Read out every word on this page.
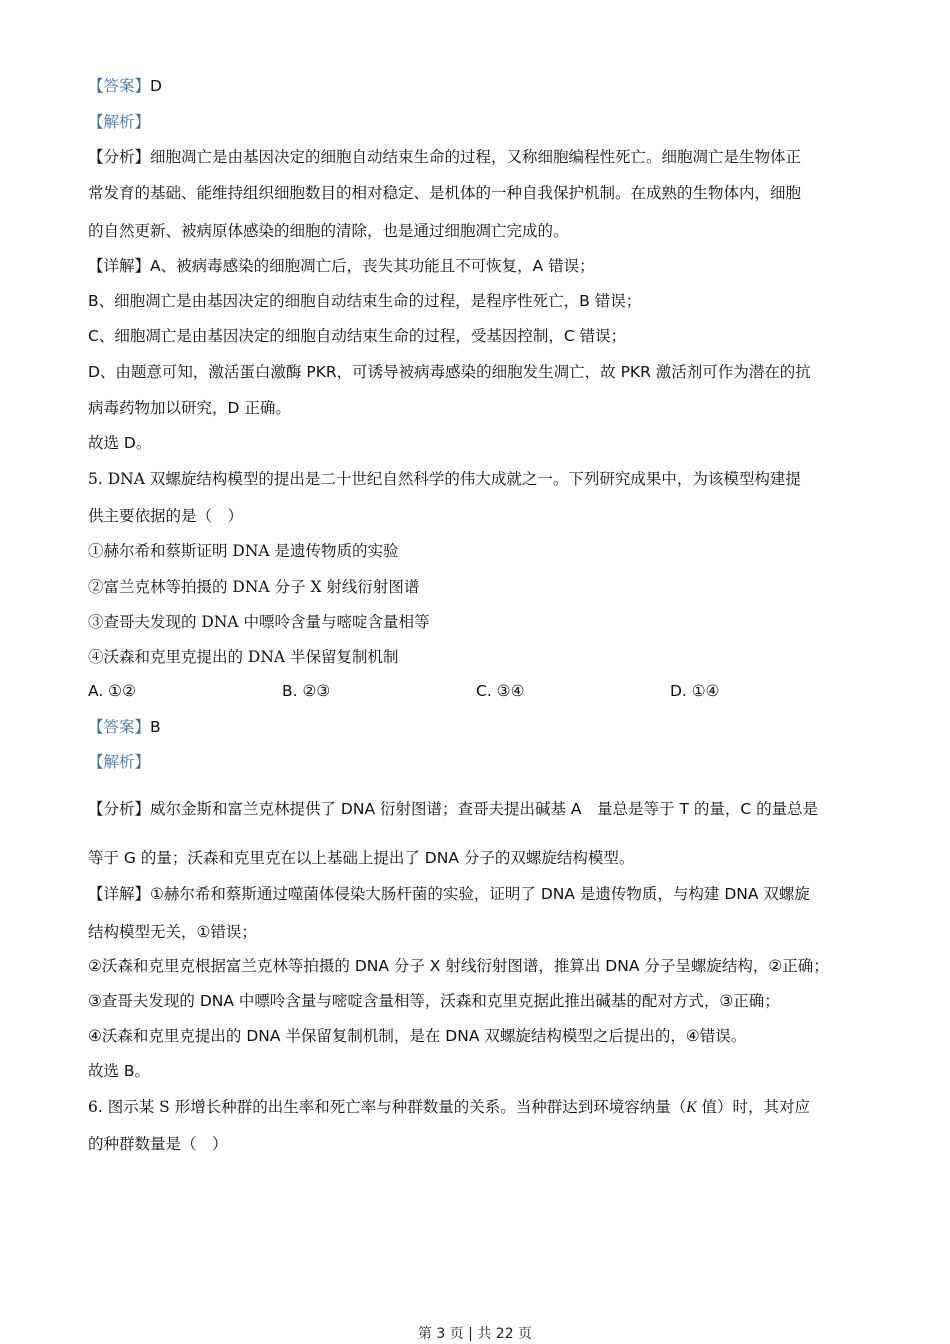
【答案】D
【解析】
【分析】细胞凋亡是由基因决定的细胞自动结束生命的过程，又称细胞编程性死亡。细胞凋亡是生物体正
常发育的基础、能维持组织细胞数目的相对稳定、是机体的一种自我保护机制。在成熟的生物体内，细胞
的自然更新、被病原体感染的细胞的清除，也是通过细胞凋亡完成的。
【详解】A、被病毒感染的细胞凋亡后，丧失其功能且不可恢复，A 错误；
B、细胞凋亡是由基因决定的细胞自动结束生命的过程，是程序性死亡，B 错误；
C、细胞凋亡是由基因决定的细胞自动结束生命的过程，受基因控制，C 错误；
D、由题意可知，激活蛋白激酶 PKR，可诱导被病毒感染的细胞发生凋亡，故 PKR 激活剂可作为潜在的抗
病毒药物加以研究，D 正确。
故选 D。
5. DNA 双螺旋结构模型的提出是二十世纪自然科学的伟大成就之一。下列研究成果中，为该模型构建提
供主要依据的是（　）
①赫尔希和蔡斯证明 DNA 是遗传物质的实验
②富兰克林等拍摄的 DNA 分子 X 射线衍射图谱
③查哥夫发现的 DNA 中嘌呤含量与嘧啶含量相等
④沃森和克里克提出的 DNA 半保留复制机制
A. ①②	B. ②③	C. ③④	D. ①④
【答案】B
【解析】
【分析】威尔金斯和富兰克林提供了 DNA 衍射图谱；查哥夫提出碱基 A　量总是等于 T 的量，C 的量总是
等于 G 的量；沃森和克里克在以上基础上提出了 DNA 分子的双螺旋结构模型。
【详解】①赫尔希和蔡斯通过噬菌体侵染大肠杆菌的实验，证明了 DNA 是遗传物质，与构建 DNA 双螺旋
结构模型无关，①错误；
②沃森和克里克根据富兰克林等拍摄的 DNA 分子 X 射线衍射图谱，推算出 DNA 分子呈螺旋结构，②正确；
③查哥夫发现的 DNA 中嘌呤含量与嘧啶含量相等，沃森和克里克据此推出碱基的配对方式，③正确；
④沃森和克里克提出的 DNA 半保留复制机制，是在 DNA 双螺旋结构模型之后提出的，④错误。
故选 B。
6. 图示某 S 形增长种群的出生率和死亡率与种群数量的关系。当种群达到环境容纳量（K 值）时，其对应
的种群数量是（　）
第 3 页 | 共 22 页
